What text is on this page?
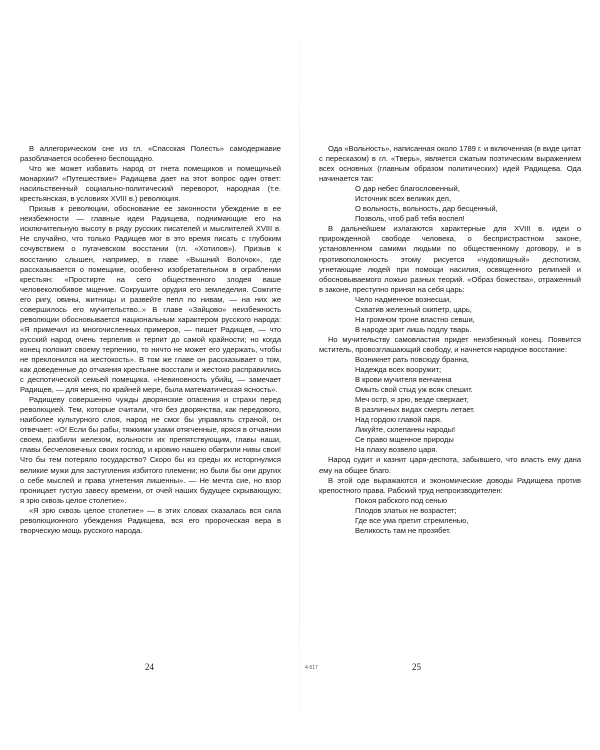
В аллегорическом сне из гл. «Спасская Полесть» самодержавие разоблачается особенно беспощадно.

Что же может избавить народ от гнета помещиков и помещичьей монархии? «Путешествие» Радищева дает на этот вопрос один ответ: насильственный социально-политический переворот, народная (т.е. крестьянская, в условиях XVIII в.) революция.

Призыв к революции, обоснование ее законности убеждение в ее неизбежности — главные идеи Радищева, поднимающие его на исключительную высоту в ряду русских писателей и мыслителей XVIII в. Не случайно, что только Радищев мог в это время писать с глубоким сочувствием о пугачевском восстании (гл. «Хотилов»). Призыв к восстанию слышен, например, в главе «Вышний Волочок», где рассказывается о помещике, особенно изобретательном в ограблении крестьян: «Простирте на сего общественного злодея ваше человеколюбивое мщение. Сокрушите орудия его земледелия. Сожгите его ригу, овины, житницы и развейте пепл по нивам, — на них же совершилось его мучительство..» В главе «Зайцово» неизбежность революции обосновывается национальным характером русского народа: «Я примечил из многочисленных примеров, — пишет Радищев, — что русский народ очень терпелив и терпит до самой крайности; но когда конец положит своему терпению, то ничто не может его удержать, чтобы не преклонился на жестокость». В том же главе он рассказывает о том, как доведенные до отчаяния крестьяне восстали и жестоко расправились с деспотической семьей помещика. «Невиновность убийц, — замечает Радищев, — для меня, по крайней мере, была математическая ясность».

Радищеву совершенно чужды дворянские опасения и страхи перед революцией. Тем, которые считали, что без дворянства, как передового, наиболее культурного слоя, народ не смог бы управлять страной, он отвечает: «О! Если бы рабы, тяжкими узами отягченные, яряся в отчаянии своем, разбили железом, вольности их препятствующим, главы наши, главы бесчеловечных своих господ, и кровию нашею обагрили нивы свои! Что бы тем потеряло государство? Скоро бы из среды их исторгнулися великие мужи для заступления избитого племени; но были бы они других о себе мыслей и права угнетения лишенны». — Не мечта сие, но взор проницает густую завесу времени, от очей наших будущее скрывающую; я зрю сквозь целое столетие».

«Я зрю сквозь целое столетие» — в этих словах сказалась вся сила революционного убеждения Радищева, вся его пророческая вера в творческую мощь русского народа.

24

Ода «Вольность», написанная около 1789 г. и включенная (в виде цитат с пересказом) в гл. «Тверь», является сжатым поэтическим выражением всех основных (главным образом политических) идей Радищева. Ода начинается так:

О дар небес благословенный,
Источник всех великих дел,
О вольность, вольность, дар бесценный,
Позволь, чтоб раб тебя воспел!

В дальнейшем излагаются характерные для XVIII в. идеи о прирожденной свободе человека, о беспристрастном законе, установленном самими людьми по общественному договору, и в противоположность этому рисуется «чудовищный» деспотизм, угнетающие людей при помощи насилия, освященного религией и обосновываемого ложью разных теорий. «Образ божества», отраженный в законе, преступно принял на себя царь:

Чело надменное вознесши,
Схватив железный скипетр, царь,
На громном троне властно севши,
В народе зрит лишь подлу тварь.

Но мучительству самовластия придет неизбежный конец. Появится мститель, провозглашающий свободу, и начнется народное восстание:

Возникнет рать повсюду бранна,
Надежда всех вооружит;
В крови мучителя венчанна
Омыть свой стыд уж всяк спешит.
Меч остр, я зрю, везде сверкает,
В различных видах смерть летает.
Над гордою главой паря.
Ликуйте, склепанны народы!
Се право мщенное природы
На плаху возвело царя.

Народ судит и казнит царя-деспота, забывшего, что власть ему дана ему на общее благо.

В этой оде выражаются и экономические доводы Радищева против крепостного права. Рабский труд непроизводителен:

Покоя рабского под сенью
Плодов златых не возрастет;
Где все ума претит стремленью,
Великость там не прозябет.

4-517	25
